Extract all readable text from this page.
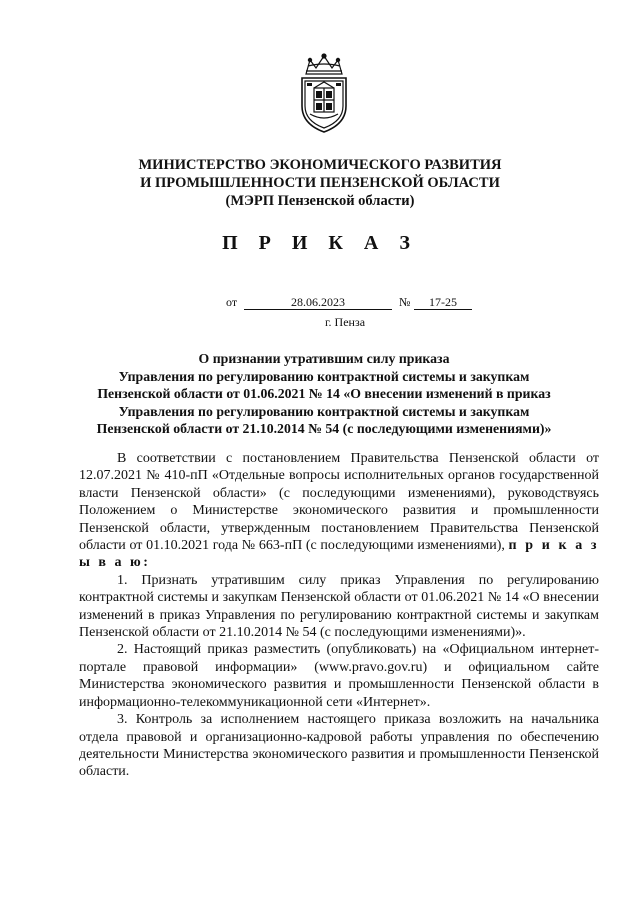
МИНИСТЕРСТВО ЭКОНОМИЧЕСКОГО РАЗВИТИЯ
И ПРОМЫШЛЕННОСТИ ПЕНЗЕНСКОЙ ОБЛАСТИ
(МЭРП Пензенской области)
П Р И К А З
от	28.06.2023	№	17-25
г. Пенза
О признании утратившим силу приказа
Управления по регулированию контрактной системы и закупкам
Пензенской области от 01.06.2021 № 14 «О внесении изменений в приказ
Управления по регулированию контрактной системы и закупкам
Пензенской области от 21.10.2014 № 54 (с последующими изменениями)»

В соответствии с постановлением Правительства Пензенской области от 12.07.2021 № 410-пП «Отдельные вопросы исполнительных органов государственной власти Пензенской области» (с последующими изменениями), руководствуясь Положением о Министерстве экономического развития и промышленности Пензенской области, утвержденным постановлением Правительства Пензенской области от 01.10.2021 года № 663-пП (с последующими изменениями), п р и к а з ы в а ю:

1. Признать утратившим силу приказ Управления по регулированию контрактной системы и закупкам Пензенской области от 01.06.2021 № 14 «О внесении изменений в приказ Управления по регулированию контрактной системы и закупкам Пензенской области от 21.10.2014 № 54 (с последующими изменениями)».

2. Настоящий приказ разместить (опубликовать) на «Официальном интернет-портале правовой информации» (www.pravo.gov.ru) и официальном сайте Министерства экономического развития и промышленности Пензенской области в информационно-телекоммуникационной сети «Интернет».

3. Контроль за исполнением настоящего приказа возложить на начальника отдела правовой и организационно-кадровой работы управления по обеспечению деятельности Министерства экономического развития и промышленности Пензенской области.
